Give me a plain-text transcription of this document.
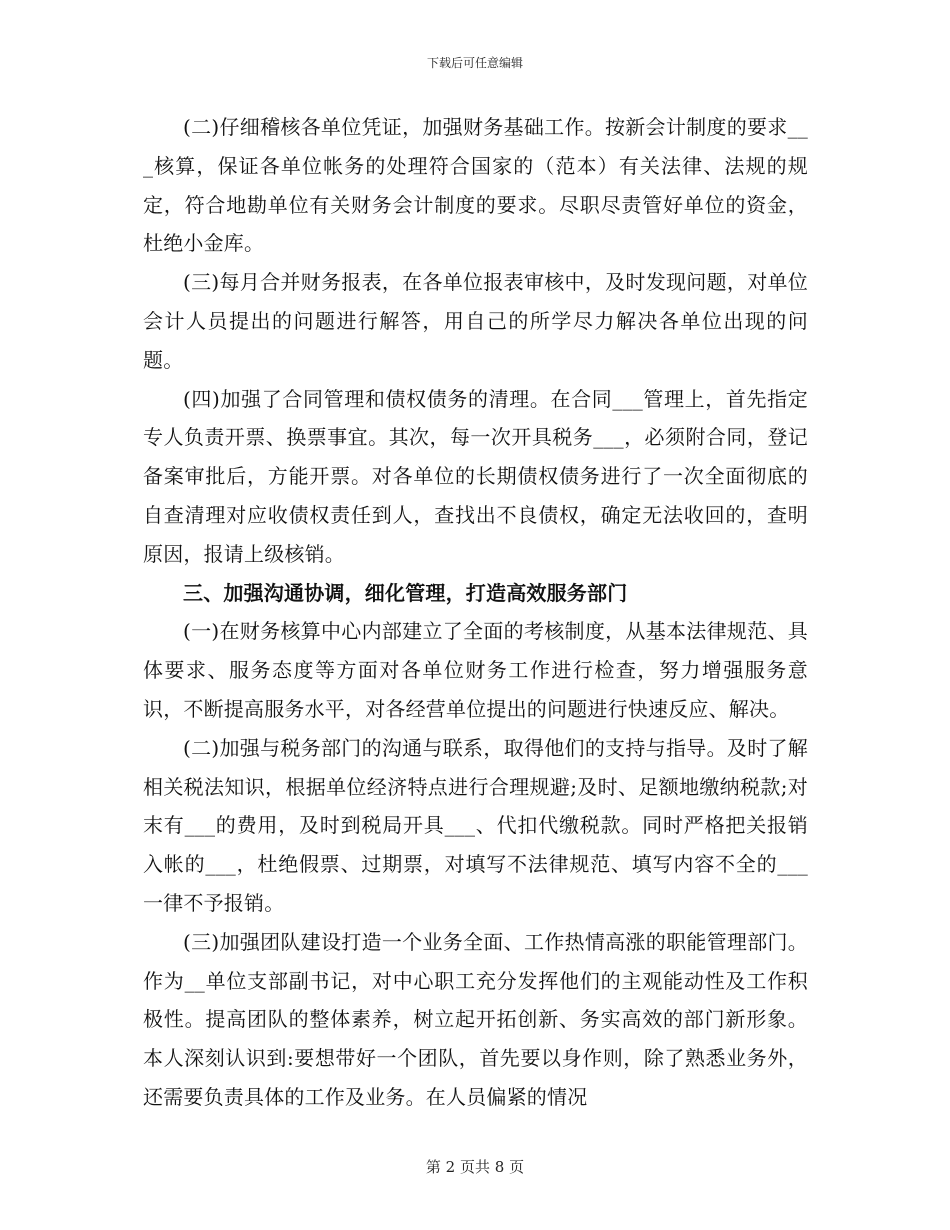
下载后可任意编辑

(二)仔细稽核各单位凭证，加强财务基础工作。按新会计制度的要求___核算，保证各单位帐务的处理符合国家的（范本）有关法律、法规的规定，符合地勘单位有关财务会计制度的要求。尽职尽责管好单位的资金，杜绝小金库。

(三)每月合并财务报表，在各单位报表审核中，及时发现问题，对单位会计人员提出的问题进行解答，用自己的所学尽力解决各单位出现的问题。

(四)加强了合同管理和债权债务的清理。在合同___管理上，首先指定专人负责开票、换票事宜。其次，每一次开具税务___，必须附合同，登记备案审批后，方能开票。对各单位的长期债权债务进行了一次全面彻底的自查清理对应收债权责任到人，查找出不良债权，确定无法收回的，查明原因，报请上级核销。

三、加强沟通协调，细化管理，打造高效服务部门

(一)在财务核算中心内部建立了全面的考核制度，从基本法律规范、具体要求、服务态度等方面对各单位财务工作进行检查，努力增强服务意识，不断提高服务水平，对各经营单位提出的问题进行快速反应、解决。

(二)加强与税务部门的沟通与联系，取得他们的支持与指导。及时了解相关税法知识，根据单位经济特点进行合理规避;及时、足额地缴纳税款;对末有___的费用，及时到税局开具___、代扣代缴税款。同时严格把关报销入帐的___，杜绝假票、过期票，对填写不法律规范、填写内容不全的___一律不予报销。

(三)加强团队建设打造一个业务全面、工作热情高涨的职能管理部门。作为__单位支部副书记，对中心职工充分发挥他们的主观能动性及工作积极性。提高团队的整体素养，树立起开拓创新、务实高效的部门新形象。本人深刻认识到:要想带好一个团队，首先要以身作则，除了熟悉业务外，还需要负责具体的工作及业务。在人员偏紧的情况

第 2 页共 8 页
